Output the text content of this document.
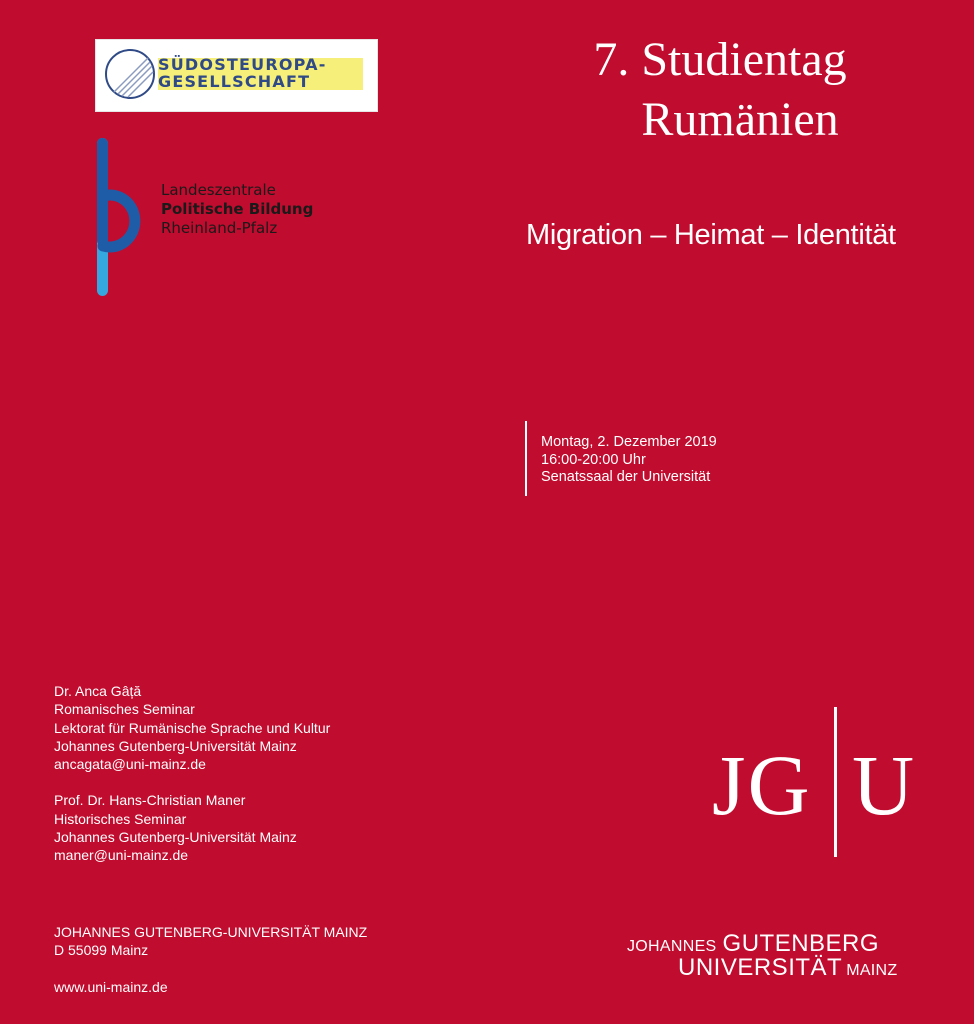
SÜDOSTEUROPA-
GESELLSCHAFT
Landeszentrale
Politische Bildung
Rheinland-Pfalz
7. Studientag
Rumänien
Migration – Heimat – Identität
Montag, 2. Dezember 2019
16:00-20:00 Uhr
Senatssaal der Universität
Dr. Anca Gâță
Romanisches Seminar
Lektorat für Rumänische Sprache und Kultur
Johannes Gutenberg-Universität Mainz
ancagata@uni-mainz.de
Prof. Dr. Hans-Christian Maner
Historisches Seminar
Johannes Gutenberg-Universität Mainz
maner@uni-mainz.de
JOHANNES GUTENBERG-UNIVERSITÄT MAINZ
D 55099 Mainz
www.uni-mainz.de
JG U
JOHANNES GUTENBERG
UNIVERSITÄT MAINZ
